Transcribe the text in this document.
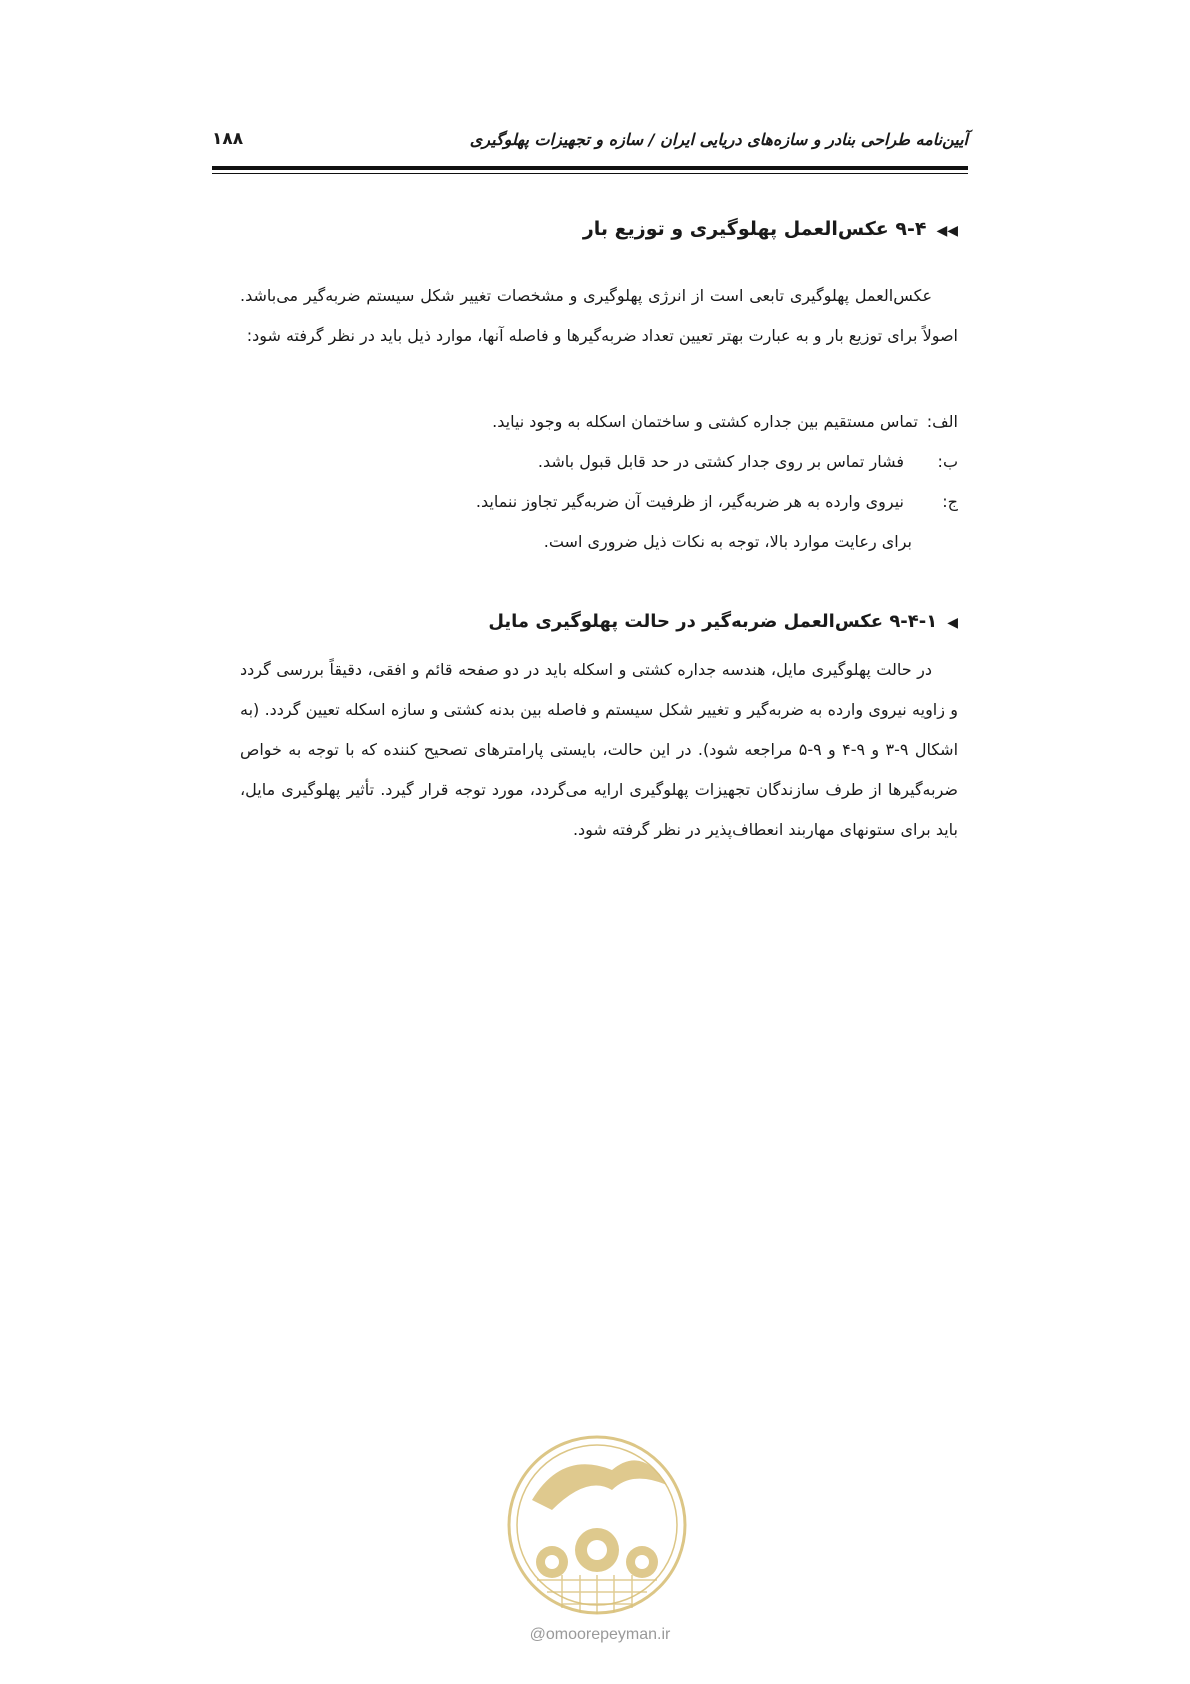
آیین‌نامه طراحی بنادر و سازه‌های دریایی ایران / سازه و تجهیزات پهلوگیری
۱۸۸
◀◀۹-۴ عکس‌العمل پهلوگیری و توزیع بار
عکس‌العمل پهلوگیری تابعی است از انرژی پهلوگیری و مشخصات تغییر شکل سیستم ضربه‌گیر می‌باشد. اصولاً برای توزیع بار و به عبارت بهتر تعیین تعداد ضربه‌گیرها و فاصله آنها، موارد ذیل باید در نظر گرفته شود:
الف:تماس مستقیم بین جداره کشتی و ساختمان اسکله به وجود نیاید.
ب:فشار تماس بر روی جدار کشتی در حد قابل قبول باشد.
ج:نیروی وارده به هر ضربه‌گیر، از ظرفیت آن ضربه‌گیر تجاوز ننماید.
برای رعایت موارد بالا، توجه به نکات ذیل ضروری است.
◀۹-۴-۱ عکس‌العمل ضربه‌گیر در حالت پهلوگیری مایل
در حالت پهلوگیری مایل، هندسه جداره کشتی و اسکله باید در دو صفحه قائم و افقی، دقیقاً بررسی گردد و زاویه نیروی وارده به ضربه‌گیر و تغییر شکل سیستم و فاصله بین بدنه کشتی و سازه اسکله تعیین گردد. (به اشکال ۹-۳ و ۹-۴ و ۹-۵ مراجعه شود). در این حالت، بایستی پارامترهای تصحیح کننده که با توجه به خواص ضربه‌گیرها از طرف سازندگان تجهیزات پهلوگیری ارایه می‌گردد، مورد توجه قرار گیرد. تأثیر پهلوگیری مایل، باید برای ستونهای مهاربند انعطاف‌پذیر در نظر گرفته شود.
@omoorepeyman.ir
